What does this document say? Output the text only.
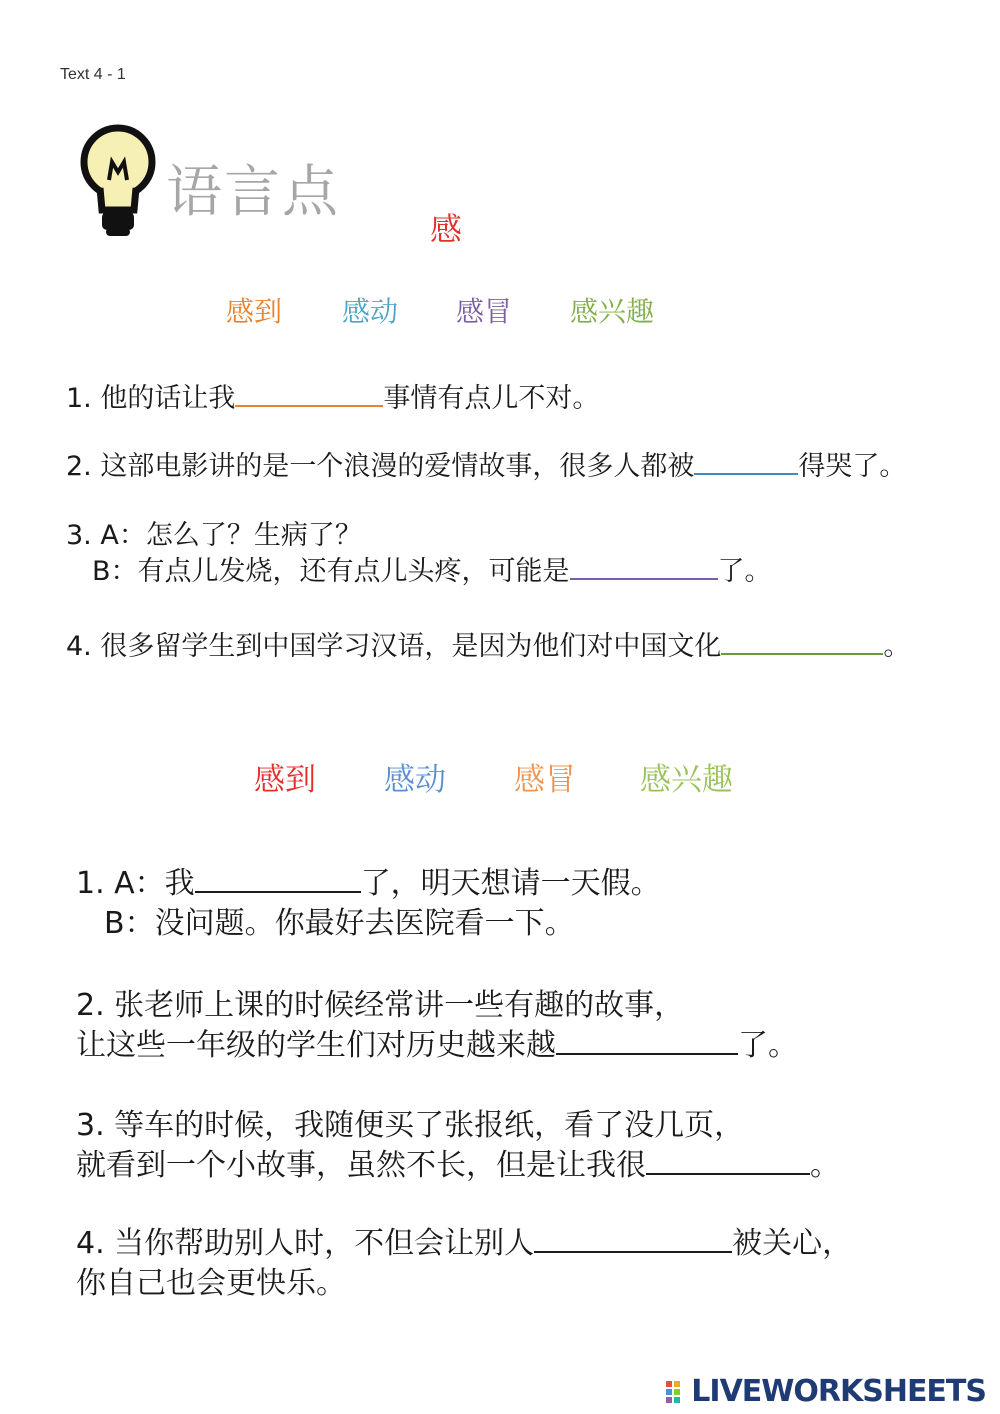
Text 4 - 1
语言点
感
感到 感动 感冒 感兴趣
1. 他的话让我	事情有点儿不对。
2. 这部电影讲的是一个浪漫的爱情故事，很多人都被	得哭了。
3. A：怎么了？生病了？
B：有点儿发烧，还有点儿头疼，可能是	了。
4. 很多留学生到中国学习汉语，是因为他们对中国文化	。
感到 感动 感冒 感兴趣
1. A：我	了，明天想请一天假。
B：没问题。你最好去医院看一下。
2. 张老师上课的时候经常讲一些有趣的故事，
让这些一年级的学生们对历史越来越	了。
3. 等车的时候，我随便买了张报纸，看了没几页，
就看到一个小故事，虽然不长，但是让我很	。
4. 当你帮助别人时，不但会让别人	被关心，
你自己也会更快乐。
LIVEWORKSHEETS
